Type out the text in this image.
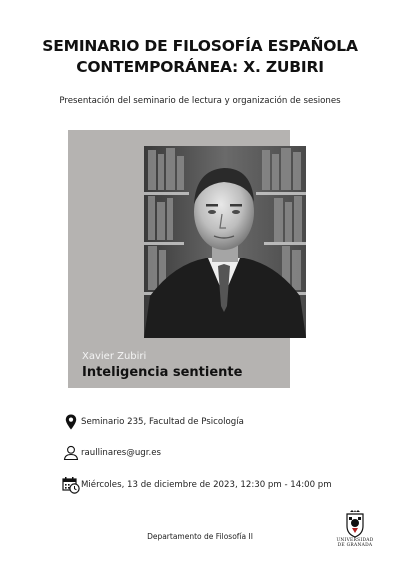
SEMINARIO DE FILOSOFÍA ESPAÑOLA
CONTEMPORÁNEA: X. ZUBIRI
Presentación del seminario de lectura y organización de sesiones
Xavier Zubiri
Inteligencia sentiente
Seminario 235, Facultad de Psicología
raullinares@ugr.es
Miércoles, 13 de diciembre de 2023, 12:30 pm - 14:00 pm
Departamento de Filosofía II	UNIVERSIDAD
DE GRANADA
